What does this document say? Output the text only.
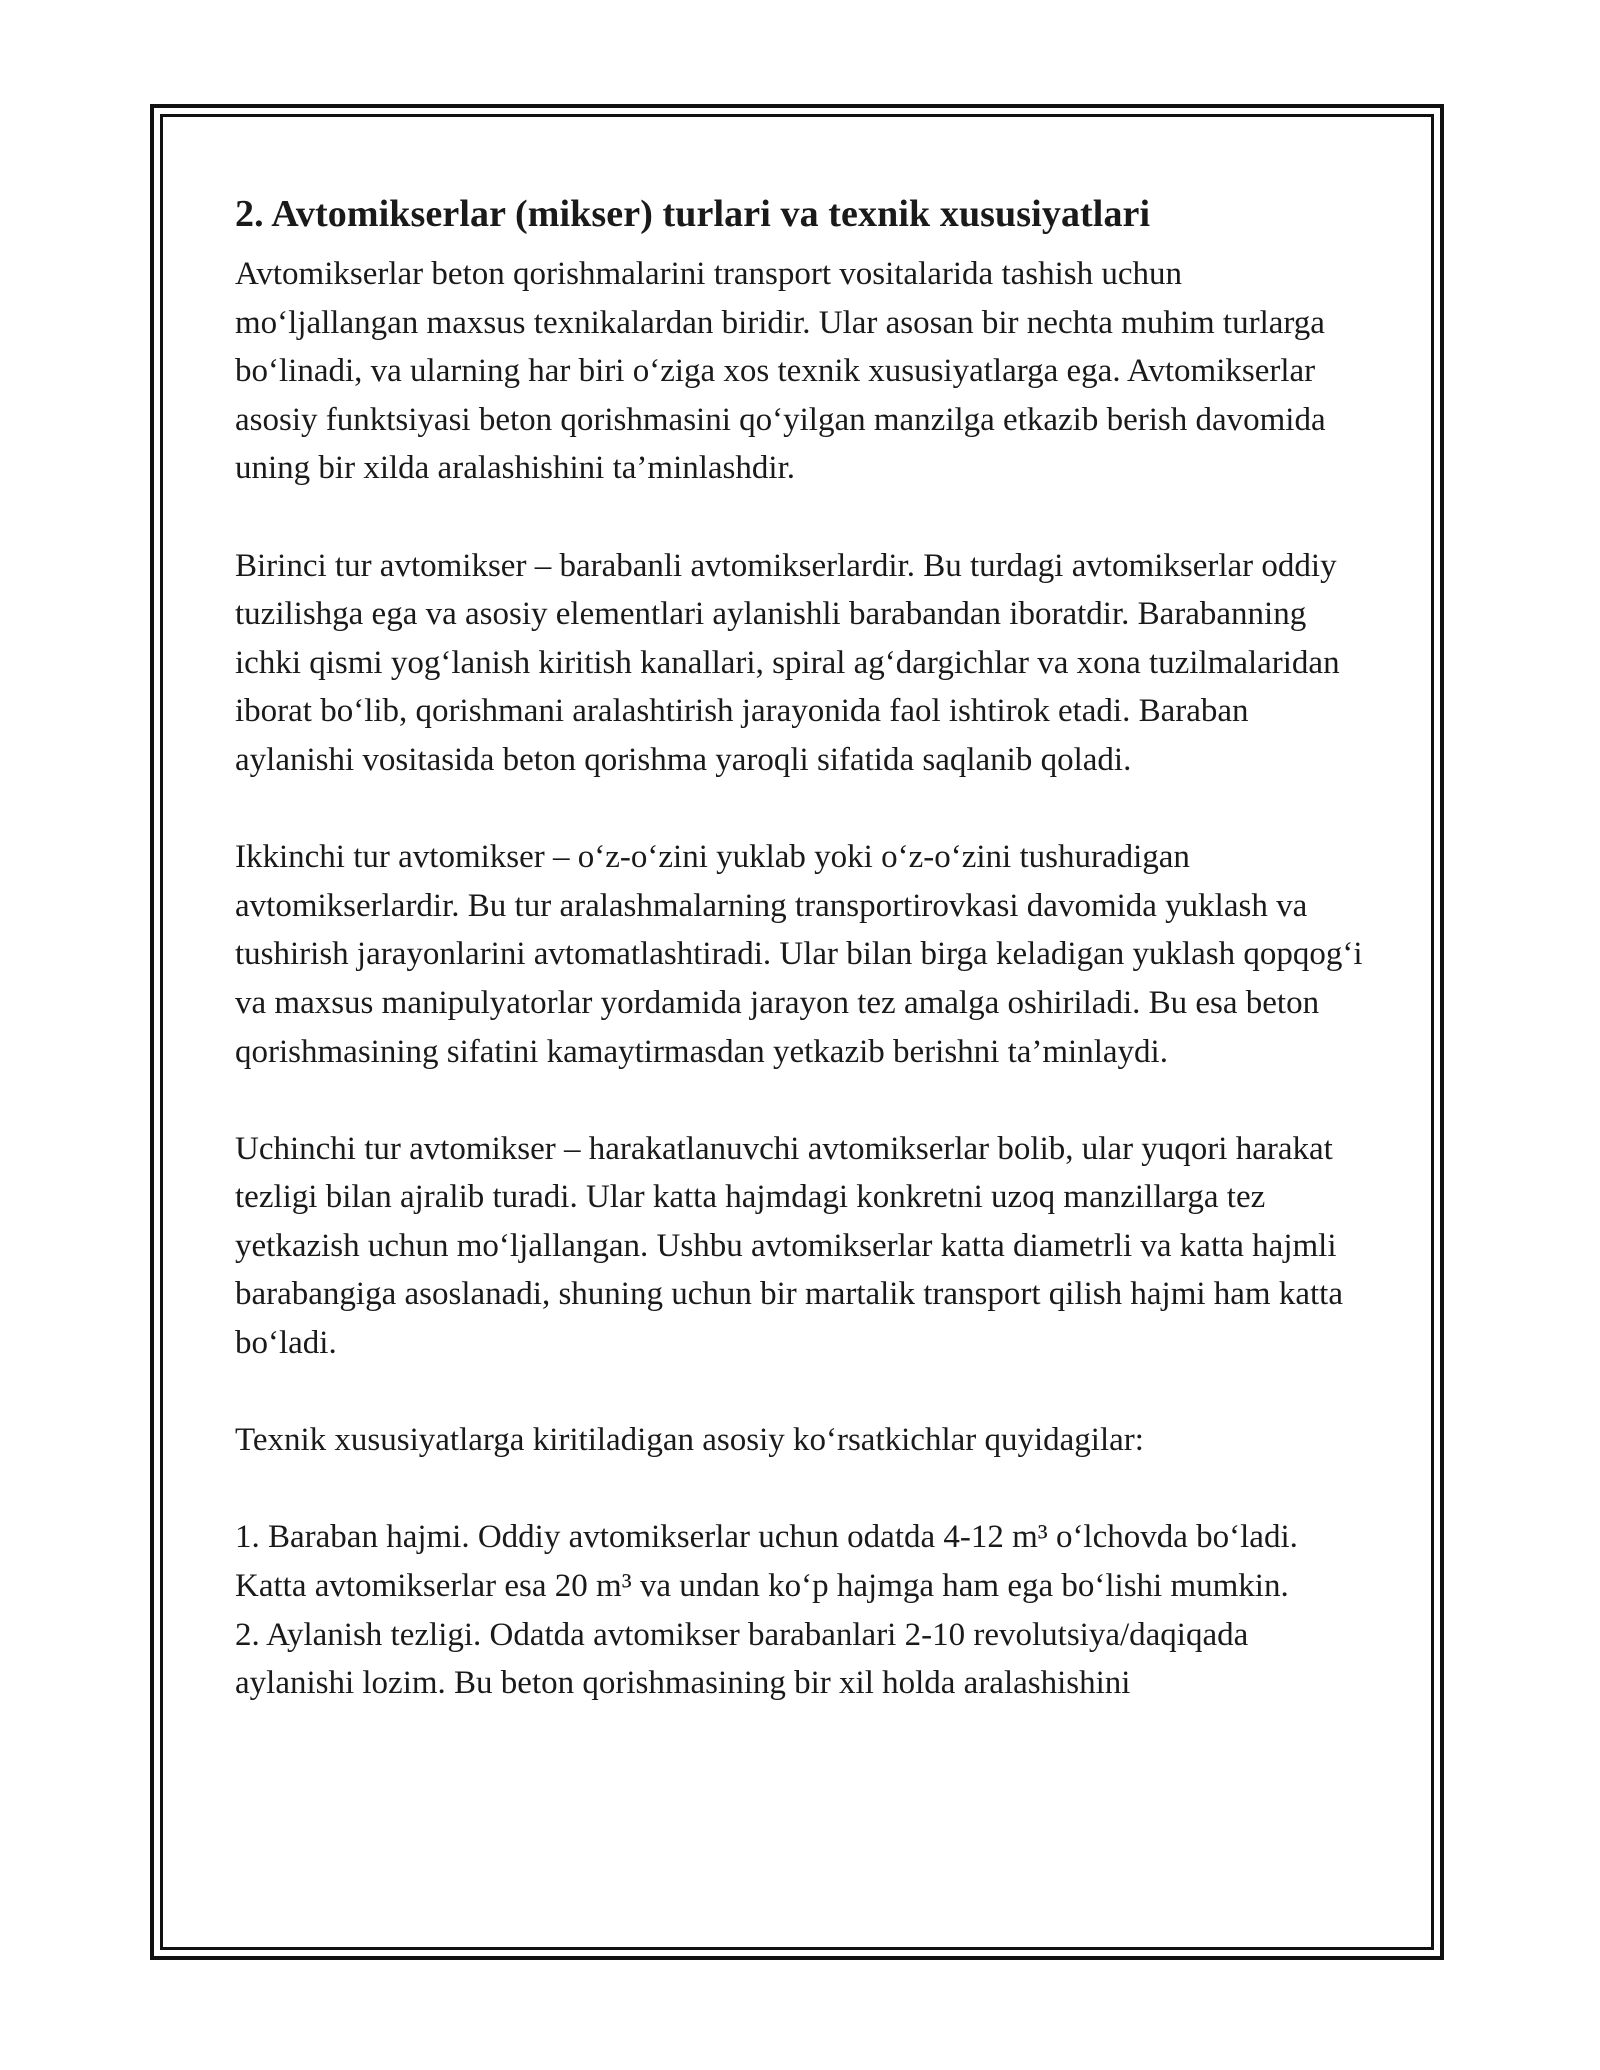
2. Avtomikserlar (mikser) turlari va texnik xususiyatlari

Avtomikserlar beton qorishmalarini transport vositalarida tashish uchun mo‘ljallangan maxsus texnikalardan biridir. Ular asosan bir nechta muhim turlarga bo‘linadi, va ularning har biri o‘ziga xos texnik xususiyatlarga ega. Avtomikserlar asosiy funktsiyasi beton qorishmasini qo‘yilgan manzilga etkazib berish davomida uning bir xilda aralashishini ta’minlashdir.

Birinci tur avtomikser – barabanli avtomikserlardir. Bu turdagi avtomikserlar oddiy tuzilishga ega va asosiy elementlari aylanishli barabandan iboratdir. Barabanning ichki qismi yog‘lanish kiritish kanallari, spiral ag‘dargichlar va xona tuzilmalaridan iborat bo‘lib, qorishmani aralashtirish jarayonida faol ishtirok etadi. Baraban aylanishi vositasida beton qorishma yaroqli sifatida saqlanib qoladi.

Ikkinchi tur avtomikser – o‘z-o‘zini yuklab yoki o‘z-o‘zini tushuradigan avtomikserlardir. Bu tur aralashmalarning transportirovkasi davomida yuklash va tushirish jarayonlarini avtomatlashtiradi. Ular bilan birga keladigan yuklash qopqog‘i va maxsus manipulyatorlar yordamida jarayon tez amalga oshiriladi. Bu esa beton qorishmasining sifatini kamaytirmasdan yetkazib berishni ta’minlaydi.

Uchinchi tur avtomikser – harakatlanuvchi avtomikserlar bolib, ular yuqori harakat tezligi bilan ajralib turadi. Ular katta hajmdagi konkretni uzoq manzillarga tez yetkazish uchun mo‘ljallangan. Ushbu avtomikserlar katta diametrli va katta hajmli barabangiga asoslanadi, shuning uchun bir martalik transport qilish hajmi ham katta bo‘ladi.

Texnik xususiyatlarga kiritiladigan asosiy ko‘rsatkichlar quyidagilar:

1. Baraban hajmi. Oddiy avtomikserlar uchun odatda 4-12 m³ o‘lchovda bo‘ladi. Katta avtomikserlar esa 20 m³ va undan ko‘p hajmga ham ega bo‘lishi mumkin.

2. Aylanish tezligi. Odatda avtomikser barabanlari 2-10 revolutsiya/daqiqada aylanishi lozim. Bu beton qorishmasining bir xil holda aralashishini
